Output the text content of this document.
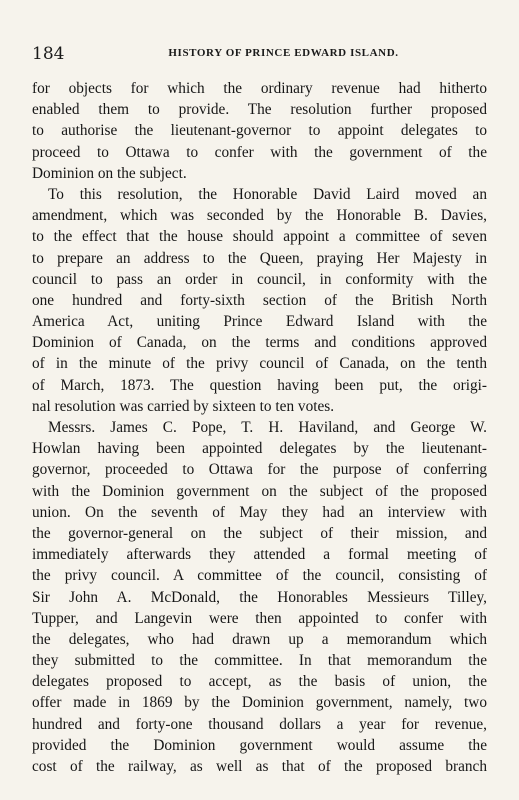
184	HISTORY OF PRINCE EDWARD ISLAND.
for objects for which the ordinary revenue had hitherto
enabled them to provide. The resolution further proposed
to authorise the lieutenant-governor to appoint delegates to
proceed to Ottawa to confer with the government of the
Dominion on the subject.
To this resolution, the Honorable David Laird moved an
amendment, which was seconded by the Honorable B. Davies,
to the effect that the house should appoint a committee of seven
to prepare an address to the Queen, praying Her Majesty in
council to pass an order in council, in conformity with the
one hundred and forty-sixth section of the British North
America Act, uniting Prince Edward Island with the
Dominion of Canada, on the terms and conditions approved
of in the minute of the privy council of Canada, on the tenth
of March, 1873. The question having been put, the origi-
nal resolution was carried by sixteen to ten votes.
Messrs. James C. Pope, T. H. Haviland, and George W.
Howlan having been appointed delegates by the lieutenant-
governor, proceeded to Ottawa for the purpose of conferring
with the Dominion government on the subject of the proposed
union. On the seventh of May they had an interview with
the governor-general on the subject of their mission, and
immediately afterwards they attended a formal meeting of
the privy council. A committee of the council, consisting of
Sir John A. McDonald, the Honorables Messieurs Tilley,
Tupper, and Langevin were then appointed to confer with
the delegates, who had drawn up a memorandum which
they submitted to the committee. In that memorandum the
delegates proposed to accept, as the basis of union, the
offer made in 1869 by the Dominion government, namely, two
hundred and forty-one thousand dollars a year for revenue,
provided the Dominion government would assume the
cost of the railway, as well as that of the proposed branch
